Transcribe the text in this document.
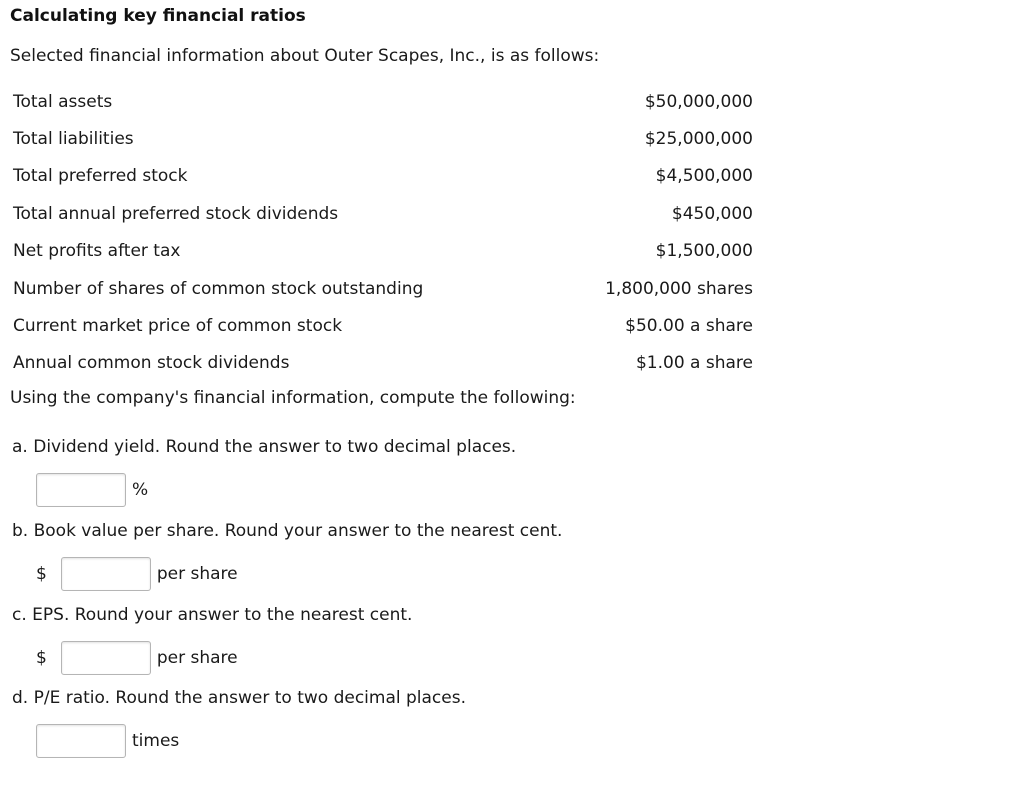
Calculating key financial ratios
Selected financial information about Outer Scapes, Inc., is as follows:
Total assets	$50,000,000
Total liabilities	$25,000,000
Total preferred stock	$4,500,000
Total annual preferred stock dividends	$450,000
Net profits after tax	$1,500,000
Number of shares of common stock outstanding	1,800,000 shares
Current market price of common stock	$50.00 a share
Annual common stock dividends	$1.00 a share
Using the company's financial information, compute the following:
a. Dividend yield. Round the answer to two decimal places.
%
b. Book value per share. Round your answer to the nearest cent.
$	per share
c. EPS. Round your answer to the nearest cent.
$	per share
d. P/E ratio. Round the answer to two decimal places.
times
